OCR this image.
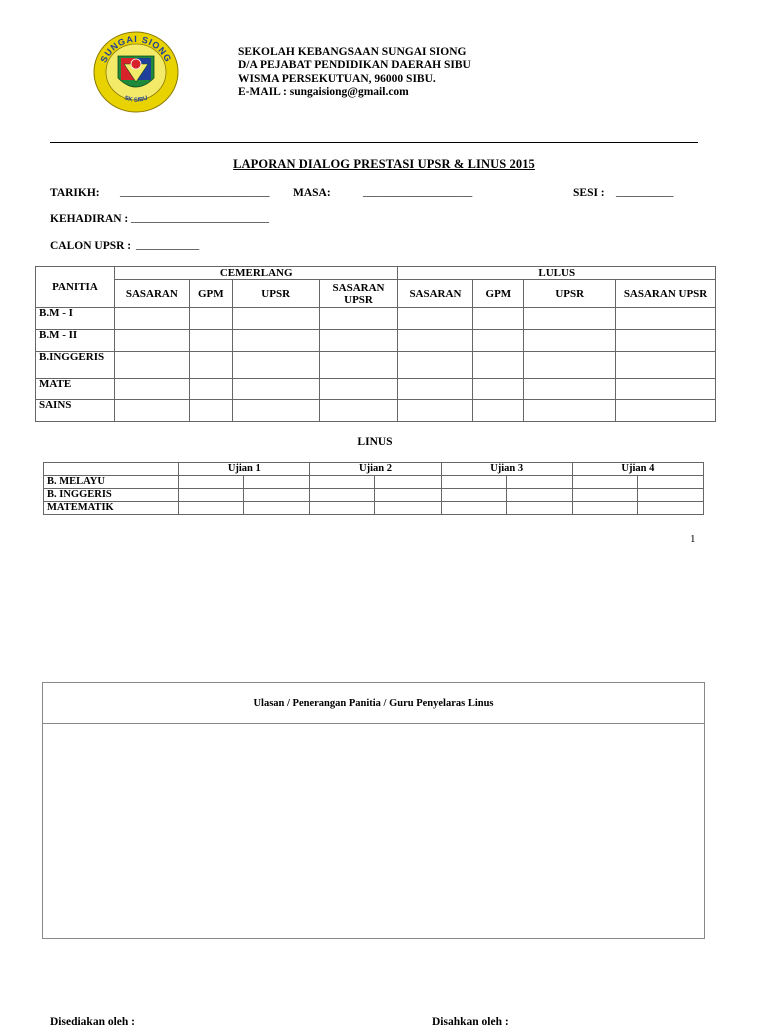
SUNGAI SIONG
SK SIBU
SEKOLAH KEBANGSAAN SUNGAI SIONG
D/A PEJABAT PENDIDIKAN DAERAH SIBU
WISMA PERSEKUTUAN, 96000 SIBU.
E-MAIL : sungaisiong@gmail.com
LAPORAN DIALOG PRESTASI UPSR & LINUS 2015
TARIKH: __________________________ MASA:	___________________	SESI : __________
KEHADIRAN : ________________________
CALON UPSR : ___________
PANITIA	CEMERLANG				LULUS			
	SASARAN	GPM	UPSR	SASARAN UPSR	SASARAN	GPM	UPSR	SASARAN UPSR
B.M - I								
B.M - II								
B.INGGERIS								
MATE								
SAINS								
LINUS
	Ujian 1		Ujian 2		Ujian 3		Ujian 4	
B. MELAYU								
B. INGGERIS								
MATEMATIK								
1
Ulasan / Penerangan Panitia / Guru Penyelaras Linus
Disediakan oleh :	Disahkan oleh :
